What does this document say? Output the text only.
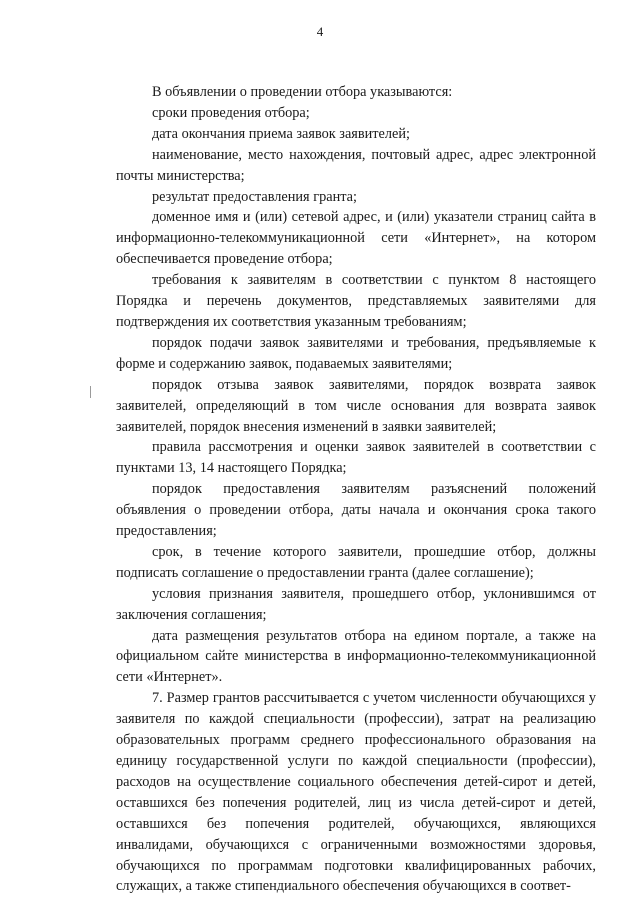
4

В объявлении о проведении отбора указываются:

сроки проведения отбора;

дата окончания приема заявок заявителей;

наименование, место нахождения, почтовый адрес, адрес электронной почты министерства;

результат предоставления гранта;

доменное имя и (или) сетевой адрес, и (или) указатели страниц сайта в информационно-телекоммуникационной сети «Интернет», на котором обеспечивается проведение отбора;

требования к заявителям в соответствии с пунктом 8 настоящего Порядка и перечень документов, представляемых заявителями для подтверждения их соответствия указанным требованиям;

порядок подачи заявок заявителями и требования, предъявляемые к форме и содержанию заявок, подаваемых заявителями;

порядок отзыва заявок заявителями, порядок возврата заявок заявителей, определяющий в том числе основания для возврата заявок заявителей, порядок внесения изменений в заявки заявителей;

правила рассмотрения и оценки заявок заявителей в соответствии с пунктами 13, 14 настоящего Порядка;

порядок предоставления заявителям разъяснений положений объявления о проведении отбора, даты начала и окончания срока такого предоставления;

срок, в течение которого заявители, прошедшие отбор, должны подписать соглашение о предоставлении гранта (далее соглашение);

условия признания заявителя, прошедшего отбор, уклонившимся от заключения соглашения;

дата размещения результатов отбора на едином портале, а также на официальном сайте министерства в информационно-телекоммуникационной сети «Интернет».

7. Размер грантов рассчитывается с учетом численности обучающихся у заявителя по каждой специальности (профессии), затрат на реализацию образовательных программ среднего профессионального образования на единицу государственной услуги по каждой специальности (профессии), расходов на осуществление социального обеспечения детей-сирот и детей, оставшихся без попечения родителей, лиц из числа детей-сирот и детей, оставшихся без попечения родителей, обучающихся, являющихся инвалидами, обучающихся с ограниченными возможностями здоровья, обучающихся по программам подготовки квалифицированных рабочих, служащих, а также стипендиального обеспечения обучающихся в соответ-
